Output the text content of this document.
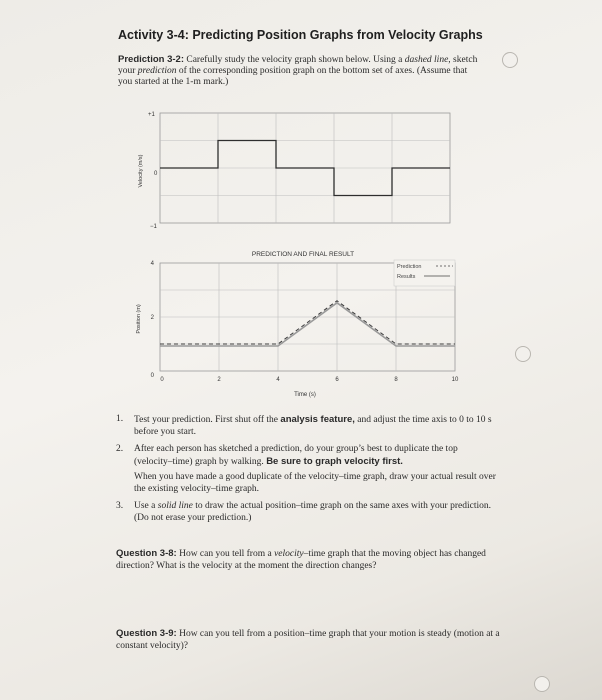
Activity 3-4: Predicting Position Graphs from Velocity Graphs
Prediction 3-2: Carefully study the velocity graph shown below. Using a dashed line, sketch your prediction of the corresponding position graph on the bottom set of axes. (Assume that you started at the 1-m mark.)
+1
0
−1
Velocity (m/s)
PREDICTION AND FINAL RESULT
0	2	4	6	8	10
4
2
0
Position (m)
Time (s)
Prediction
Results
1.	Test your prediction. First shut off the analysis feature, and adjust the time axis to 0 to 10 s before you start.
2.	After each person has sketched a prediction, do your group’s best to duplicate the top (velocity–time) graph by walking. Be sure to graph velocity first.
When you have made a good duplicate of the velocity–time graph, draw your actual result over the existing velocity–time graph.
3.	Use a solid line to draw the actual position–time graph on the same axes with your prediction. (Do not erase your prediction.)
Question 3-8: How can you tell from a velocity–time graph that the moving object has changed direction? What is the velocity at the moment the direction changes?
Question 3-9: How can you tell from a position–time graph that your motion is steady (motion at a constant velocity)?
